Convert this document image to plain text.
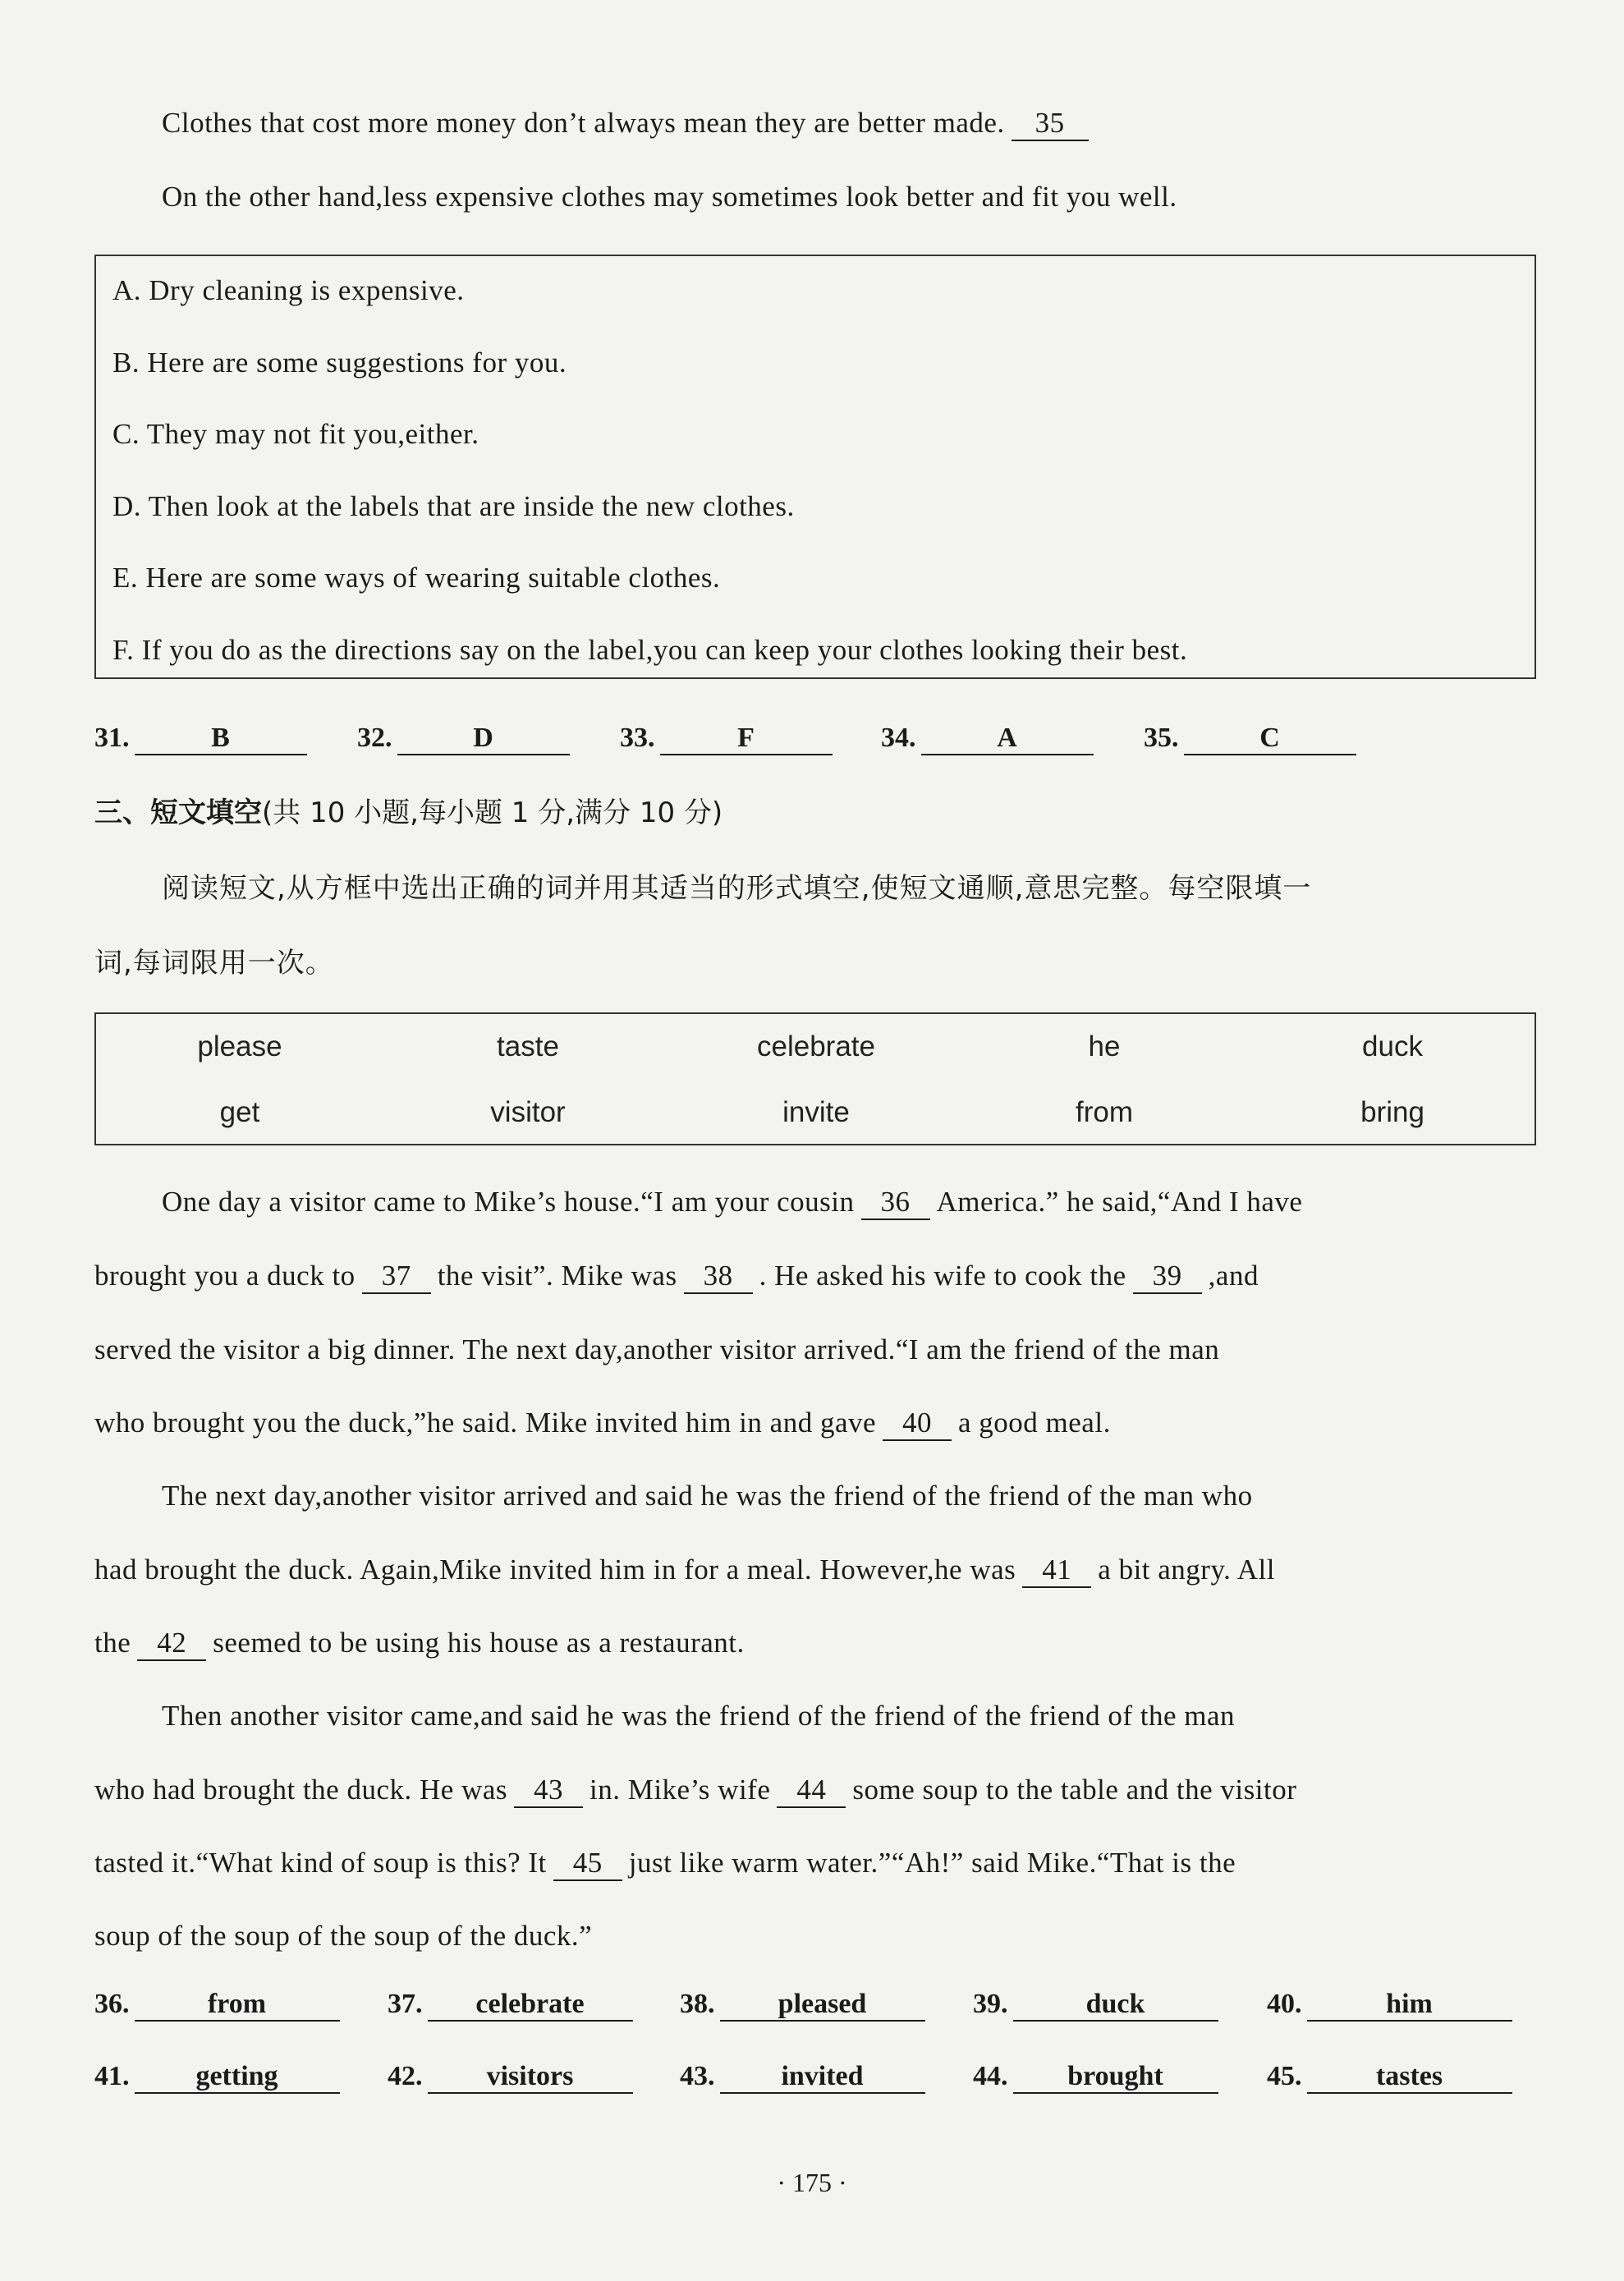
Clothes that cost more money don’t always mean they are better made. 35
On the other hand,less expensive clothes may sometimes look better and fit you well.
A. Dry cleaning is expensive.
B. Here are some suggestions for you.
C. They may not fit you,either.
D. Then look at the labels that are inside the new clothes.
E. Here are some ways of wearing suitable clothes.
F. If you do as the directions say on the label,you can keep your clothes looking their best.
31.	B	32.	D	33.	F	34.	A	35.	C
三、短文填空(共 10 小题,每小题 1 分,满分 10 分)
阅读短文,从方框中选出正确的词并用其适当的形式填空,使短文通顺,意思完整。每空限填一
词,每词限用一次。
please	taste	celebrate	he	duck
get	visitor	invite	from	bring
One day a visitor came to Mike’s house.“I am your cousin 36 America.” he said,“And I have
brought you a duck to 37 the visit”. Mike was 38 . He asked his wife to cook the 39 ,and
served the visitor a big dinner. The next day,another visitor arrived.“I am the friend of the man
who brought you the duck,”he said. Mike invited him in and gave 40 a good meal.
The next day,another visitor arrived and said he was the friend of the friend of the man who
had brought the duck. Again,Mike invited him in for a meal. However,he was 41 a bit angry. All
the 42 seemed to be using his house as a restaurant.
Then another visitor came,and said he was the friend of the friend of the friend of the man
who had brought the duck. He was 43 in. Mike’s wife 44 some soup to the table and the visitor
tasted it.“What kind of soup is this? It 45 just like warm water.”“Ah!” said Mike.“That is the
soup of the soup of the soup of the duck.”
36.	from	37. celebrate	38. pleased	39.	duck	40.	him
41. getting	42. visitors	43. invited	44. brought	45.	tastes
· 175 ·
